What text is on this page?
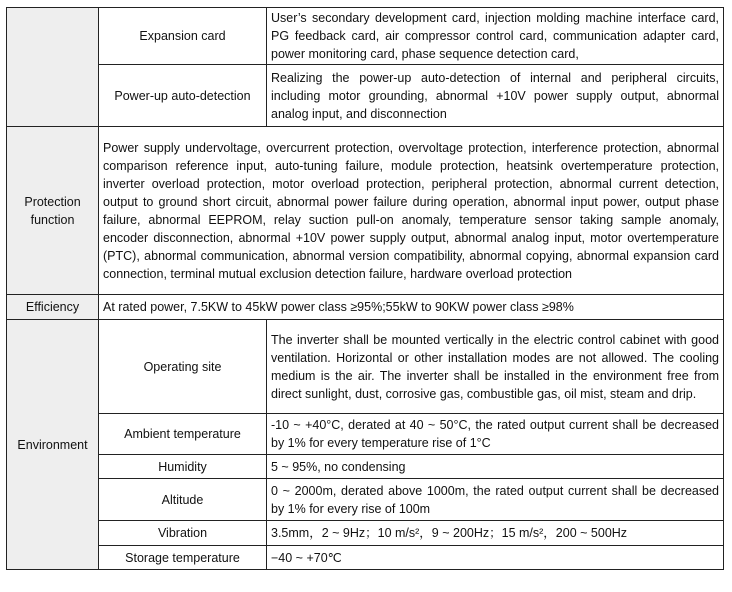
	Expansion card	User’s secondary development card, injection molding machine interface card, PG feedback card, air compressor control card, communication adapter card, power monitoring card, phase sequence detection card,

	Power-up auto-detection	Realizing the power-up auto-detection of internal and peripheral circuits, including motor grounding, abnormal +10V power supply output, abnormal analog input, and disconnection
Protection function	Power supply undervoltage, overcurrent protection, overvoltage protection, interference protection, abnormal comparison reference input, auto-tuning failure, module protection, heatsink overtemperature protection, inverter overload protection, motor overload protection, peripheral protection, abnormal current detection, output to ground short circuit, abnormal power failure during operation, abnormal input power, output phase failure, abnormal EEPROM, relay suction pull-on anomaly, temperature sensor taking sample anomaly, encoder disconnection, abnormal +10V power supply output, abnormal analog input, motor overtemperature (PTC), abnormal communication, abnormal version compatibility, abnormal copying, abnormal expansion card connection, terminal mutual exclusion detection failure, hardware overload protection	
Efficiency	At rated power, 7.5KW to 45kW power class ≥95%;55kW to 90KW power class ≥98%	
Environment	Operating site	The inverter shall be mounted vertically in the electric control cabinet with good ventilation. Horizontal or other installation modes are not allowed. The cooling medium is the air. The inverter shall be installed in the environment free from direct sunlight, dust, corrosive gas, combustible gas, oil mist, steam and drip.
	Ambient temperature	-10 ~ +40°C, derated at 40 ~ 50°C, the rated output current shall be decreased by 1% for every temperature rise of 1°C
	Humidity	5 ~ 95%, no condensing
	Altitude	0 ~ 2000m, derated above 1000m, the rated output current shall be decreased by 1% for every rise of 100m
	Vibration	3.5mm，2 ~ 9Hz；10 m/s²，9 ~ 200Hz；15 m/s²，200 ~ 500Hz
	Storage temperature	−40 ~ +70℃
